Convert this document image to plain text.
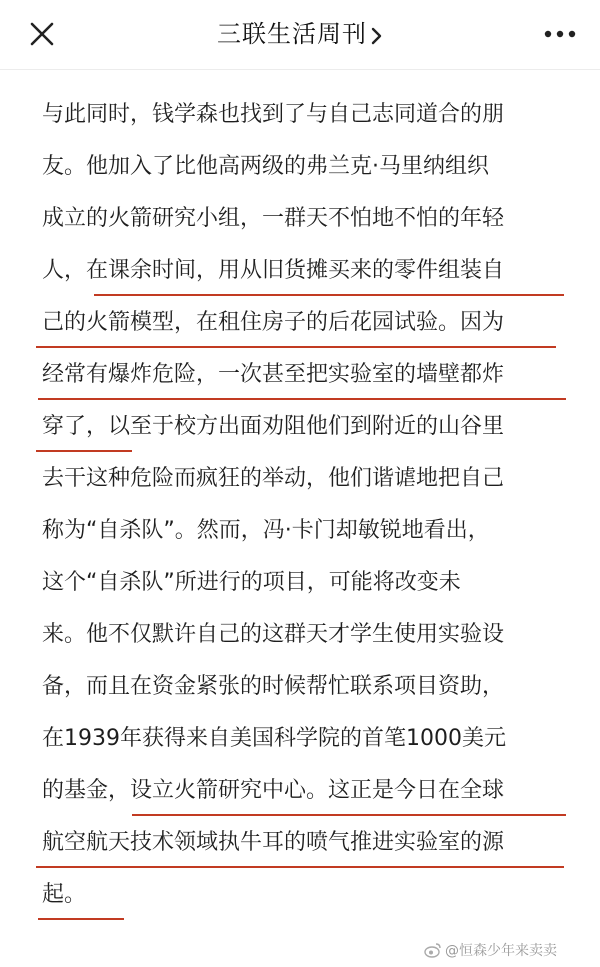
三联生活周刊
与此同时，钱学森也找到了与自己志同道合的朋
友。他加入了比他高两级的弗兰克·马里纳组织
成立的火箭研究小组，一群天不怕地不怕的年轻
人，在课余时间，用从旧货摊买来的零件组装自
己的火箭模型，在租住房子的后花园试验。因为
经常有爆炸危险，一次甚至把实验室的墙壁都炸
穿了，以至于校方出面劝阻他们到附近的山谷里
去干这种危险而疯狂的举动，他们谐谑地把自己
称为“自杀队”。然而，冯·卡门却敏锐地看出，
这个“自杀队”所进行的项目，可能将改变未
来。他不仅默许自己的这群天才学生使用实验设
备，而且在资金紧张的时候帮忙联系项目资助，
在1939年获得来自美国科学院的首笔1000美元
的基金，设立火箭研究中心。这正是今日在全球
航空航天技术领域执牛耳的喷气推进实验室的源
起。
@恒森少年来卖卖
